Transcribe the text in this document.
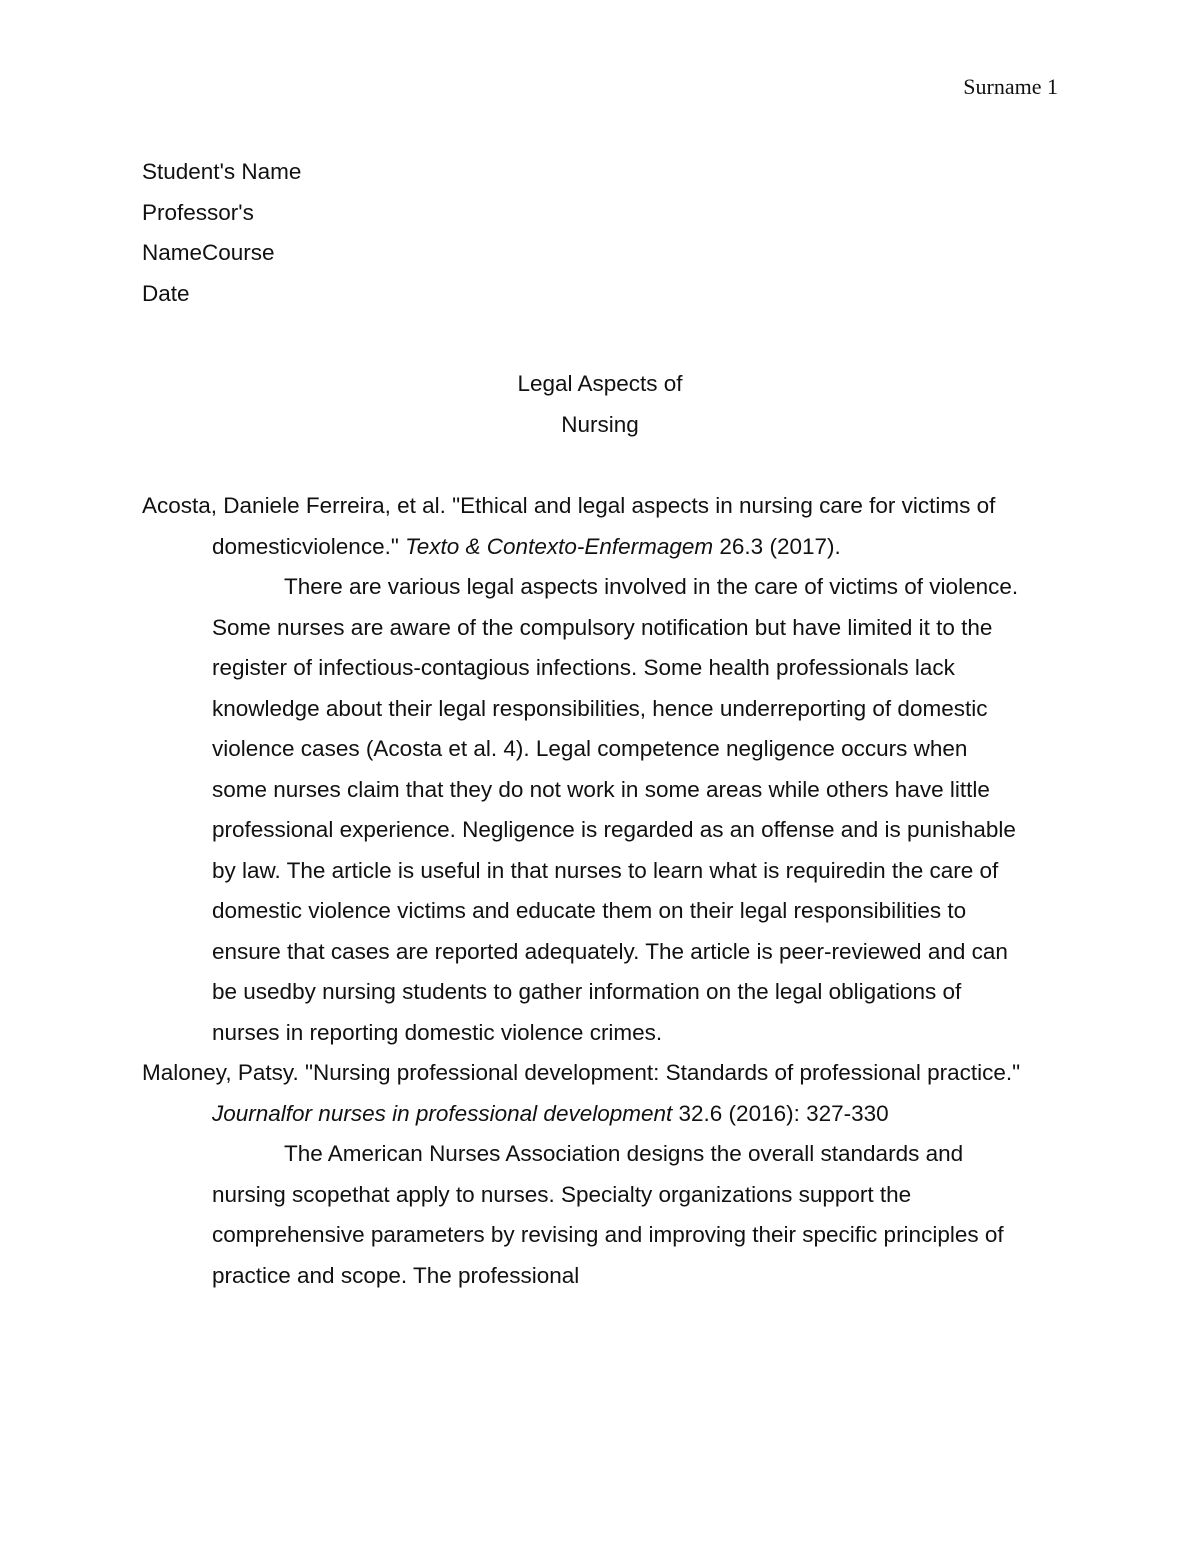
Surname 1
Student's Name
Professor's
NameCourse
Date
Legal Aspects of
Nursing
Acosta, Daniele Ferreira, et al. "Ethical and legal aspects in nursing care for victims of
domesticviolence." Texto & Contexto-Enfermagem 26.3 (2017).
There are various legal aspects involved in the care of victims of violence.
Some nurses are aware of the compulsory notification but have limited it to the
register of infectious-contagious infections. Some health professionals lack
knowledge about their legal responsibilities, hence underreporting of domestic
violence cases (Acosta et al. 4). Legal competence negligence occurs when
some nurses claim that they do not work in some areas while others have little
professional experience. Negligence is regarded as an offense and is punishable
by law. The article is useful in that nurses to learn what is requiredin the care of
domestic violence victims and educate them on their legal responsibilities to
ensure that cases are reported adequately. The article is peer-reviewed and can
be usedby nursing students to gather information on the legal obligations of
nurses in reporting domestic violence crimes.
Maloney, Patsy. "Nursing professional development: Standards of professional practice."
Journalfor nurses in professional development 32.6 (2016): 327-330
The American Nurses Association designs the overall standards and
nursing scopethat apply to nurses. Specialty organizations support the
comprehensive parameters by revising and improving their specific principles of
practice and scope. The professional
